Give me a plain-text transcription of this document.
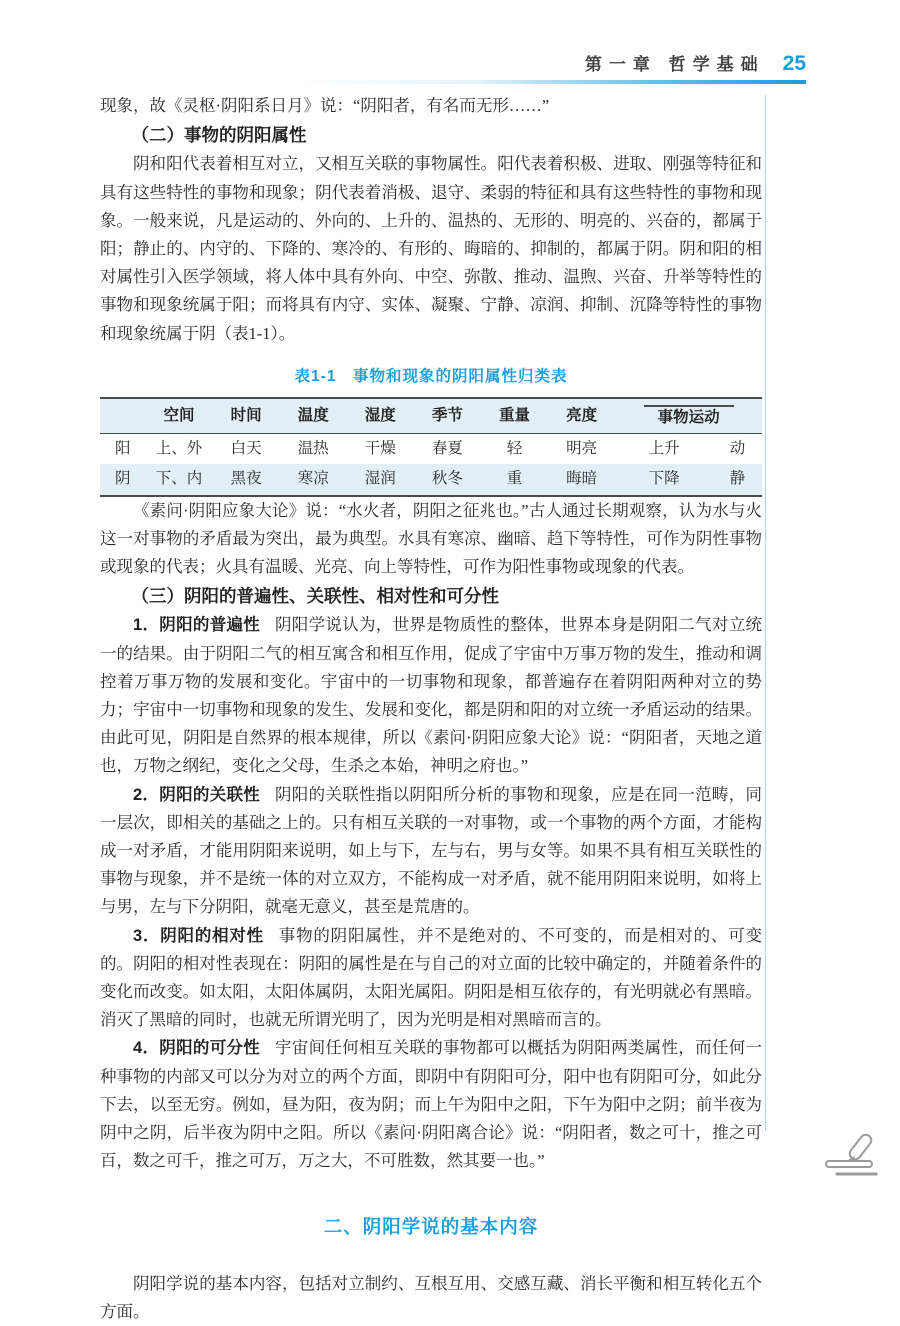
第一章 哲学基础 25

现象，故《灵枢·阴阳系日月》说：“阴阳者，有名而无形……”

（二）事物的阴阳属性

阴和阳代表着相互对立，又相互关联的事物属性。阳代表着积极、进取、刚强等特征和具有这些特性的事物和现象；阴代表着消极、退守、柔弱的特征和具有这些特性的事物和现象。一般来说，凡是运动的、外向的、上升的、温热的、无形的、明亮的、兴奋的，都属于阳；静止的、内守的、下降的、寒冷的、有形的、晦暗的、抑制的，都属于阴。阴和阳的相对属性引入医学领域，将人体中具有外向、中空、弥散、推动、温煦、兴奋、升举等特性的事物和现象统属于阳；而将具有内守、实体、凝聚、宁静、凉润、抑制、沉降等特性的事物和现象统属于阴（表1-1）。

表1-1　事物和现象的阴阳属性归类表
	空间	时间	温度	湿度	季节	重量	亮度	事物运动	
阳	上、外	白天	温热	干燥	春夏	轻	明亮	上升	动
阴	下、内	黑夜	寒凉	湿润	秋冬	重	晦暗	下降	静

《素问·阴阳应象大论》说：“水火者，阴阳之征兆也。”古人通过长期观察，认为水与火这一对事物的矛盾最为突出，最为典型。水具有寒凉、幽暗、趋下等特性，可作为阴性事物或现象的代表；火具有温暖、光亮、向上等特性，可作为阳性事物或现象的代表。

（三）阴阳的普遍性、关联性、相对性和可分性

1．阴阳的普遍性 阴阳学说认为，世界是物质性的整体，世界本身是阴阳二气对立统一的结果。由于阴阳二气的相互寓含和相互作用，促成了宇宙中万事万物的发生，推动和调控着万事万物的发展和变化。宇宙中的一切事物和现象，都普遍存在着阴阳两种对立的势力；宇宙中一切事物和现象的发生、发展和变化，都是阴和阳的对立统一矛盾运动的结果。由此可见，阴阳是自然界的根本规律，所以《素问·阴阳应象大论》说：“阴阳者，天地之道也，万物之纲纪，变化之父母，生杀之本始，神明之府也。”

2．阴阳的关联性 阴阳的关联性指以阴阳所分析的事物和现象，应是在同一范畴，同一层次，即相关的基础之上的。只有相互关联的一对事物，或一个事物的两个方面，才能构成一对矛盾，才能用阴阳来说明，如上与下，左与右，男与女等。如果不具有相互关联性的事物与现象，并不是统一体的对立双方，不能构成一对矛盾，就不能用阴阳来说明，如将上与男，左与下分阴阳，就毫无意义，甚至是荒唐的。

3．阴阳的相对性 事物的阴阳属性，并不是绝对的、不可变的，而是相对的、可变的。阴阳的相对性表现在：阴阳的属性是在与自己的对立面的比较中确定的，并随着条件的变化而改变。如太阳，太阳体属阴，太阳光属阳。阴阳是相互依存的，有光明就必有黑暗。消灭了黑暗的同时，也就无所谓光明了，因为光明是相对黑暗而言的。

4．阴阳的可分性 宇宙间任何相互关联的事物都可以概括为阴阳两类属性，而任何一种事物的内部又可以分为对立的两个方面，即阴中有阴阳可分，阳中也有阴阳可分，如此分下去，以至无穷。例如，昼为阳，夜为阴；而上午为阳中之阳，下午为阳中之阴；前半夜为阴中之阴，后半夜为阴中之阳。所以《素问·阴阳离合论》说：“阴阳者，数之可十，推之可百，数之可千，推之可万，万之大，不可胜数，然其要一也。”

二、阴阳学说的基本内容

阴阳学说的基本内容，包括对立制约、互根互用、交感互藏、消长平衡和相互转化五个方面。
